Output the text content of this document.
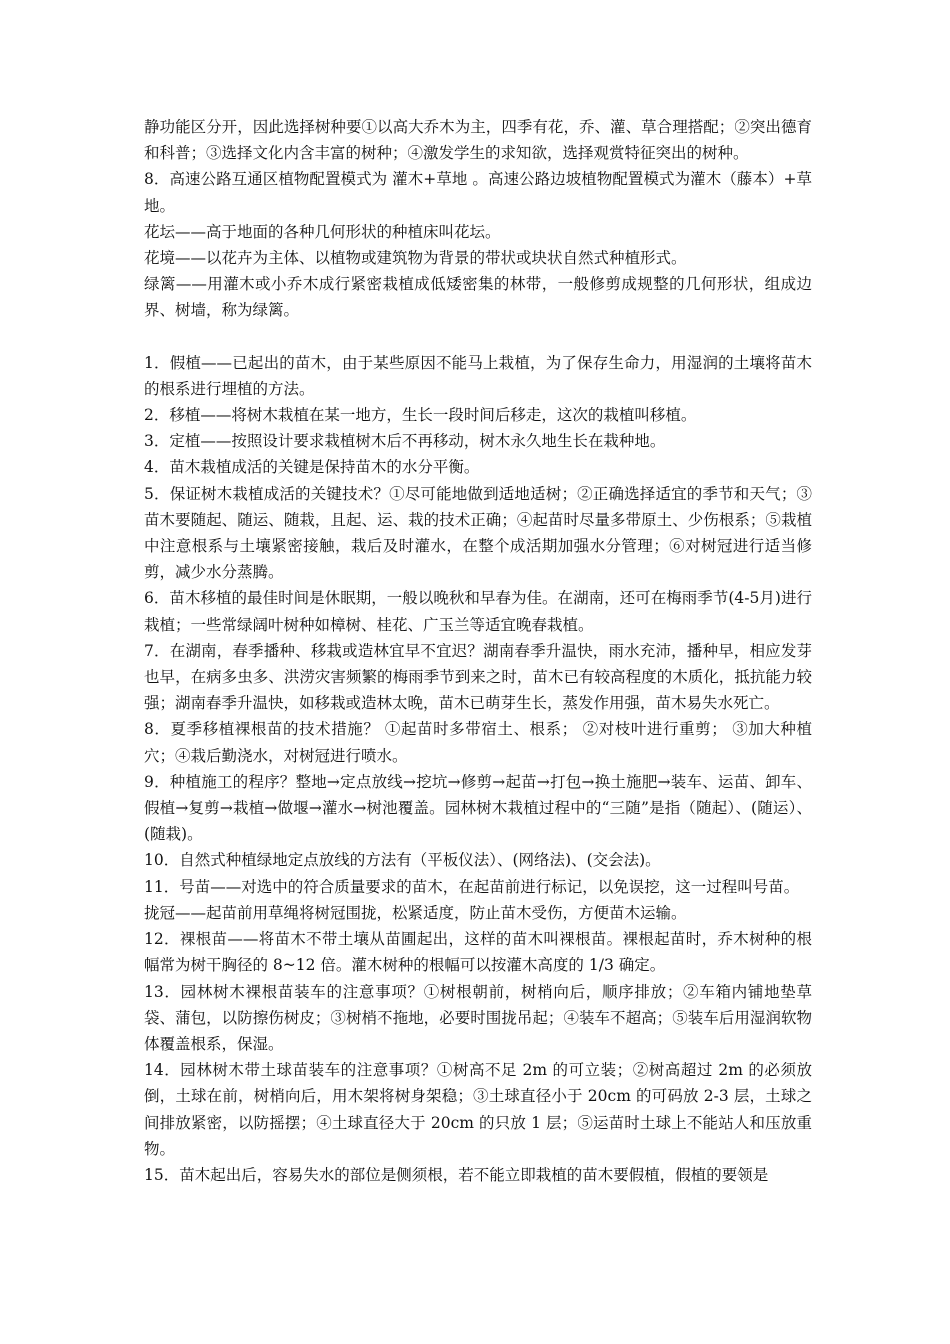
静功能区分开，因此选择树种要①以高大乔木为主，四季有花，乔、灌、草合理搭配；②突出德育和科普；③选择文化内含丰富的树种；④激发学生的求知欲，选择观赏特征突出的树种。

8．高速公路互通区植物配置模式为 灌木+草地 。高速公路边坡植物配置模式为灌木（藤本）+草地。

花坛——高于地面的各种几何形状的种植床叫花坛。

花境——以花卉为主体、以植物或建筑物为背景的带状或块状自然式种植形式。

绿篱——用灌木或小乔木成行紧密栽植成低矮密集的林带，一般修剪成规整的几何形状，组成边界、树墙，称为绿篱。

1．假植——已起出的苗木，由于某些原因不能马上栽植，为了保存生命力，用湿润的土壤将苗木的根系进行埋植的方法。

2．移植——将树木栽植在某一地方，生长一段时间后移走，这次的栽植叫移植。

3．定植——按照设计要求栽植树木后不再移动，树木永久地生长在栽种地。

4．苗木栽植成活的关键是保持苗木的水分平衡。

5．保证树木栽植成活的关键技术？①尽可能地做到适地适树；②正确选择适宜的季节和天气；③苗木要随起、随运、随栽，且起、运、栽的技术正确；④起苗时尽量多带原土、少伤根系；⑤栽植中注意根系与土壤紧密接触，栽后及时灌水，在整个成活期加强水分管理；⑥对树冠进行适当修剪，减少水分蒸腾。

6．苗木移植的最佳时间是休眠期，一般以晚秋和早春为佳。在湖南，还可在梅雨季节(4-5月)进行栽植；一些常绿阔叶树种如樟树、桂花、广玉兰等适宜晚春栽植。

7．在湖南，春季播种、移栽或造林宜早不宜迟？湖南春季升温快，雨水充沛，播种早，相应发芽也早，在病多虫多、洪涝灾害频繁的梅雨季节到来之时，苗木已有较高程度的木质化，抵抗能力较强；湖南春季升温快，如移栽或造林太晚，苗木已萌芽生长，蒸发作用强，苗木易失水死亡。

8．夏季移植裸根苗的技术措施？ ①起苗时多带宿土、根系； ②对枝叶进行重剪； ③加大种植穴；④栽后勤浇水，对树冠进行喷水。

9．种植施工的程序？整地→定点放线→挖坑→修剪→起苗→打包→换土施肥→装车、运苗、卸车、假植→复剪→栽植→做堰→灌水→树池覆盖。园林树木栽植过程中的“三随”是指（随起）、(随运）、(随栽)。

10．自然式种植绿地定点放线的方法有（平板仪法）、(网络法)、(交会法)。

11．号苗——对选中的符合质量要求的苗木，在起苗前进行标记，以免误挖，这一过程叫号苗。

拢冠——起苗前用草绳将树冠围拢，松紧适度，防止苗木受伤，方便苗木运输。

12．裸根苗——将苗木不带土壤从苗圃起出，这样的苗木叫裸根苗。裸根起苗时，乔木树种的根幅常为树干胸径的 8~12 倍。灌木树种的根幅可以按灌木高度的 1/3 确定。

13．园林树木裸根苗装车的注意事项？①树根朝前，树梢向后，顺序排放；②车箱内铺地垫草袋、蒲包，以防擦伤树皮；③树梢不拖地，必要时围拢吊起；④装车不超高；⑤装车后用湿润软物体覆盖根系，保湿。

14．园林树木带土球苗装车的注意事项？①树高不足 2m 的可立装；②树高超过 2m 的必须放倒，土球在前，树梢向后，用木架将树身架稳；③土球直径小于 20cm 的可码放 2-3 层，土球之间排放紧密，以防摇摆；④土球直径大于 20cm 的只放 1 层；⑤运苗时土球上不能站人和压放重物。

15．苗木起出后，容易失水的部位是侧须根，若不能立即栽植的苗木要假植，假植的要领是
